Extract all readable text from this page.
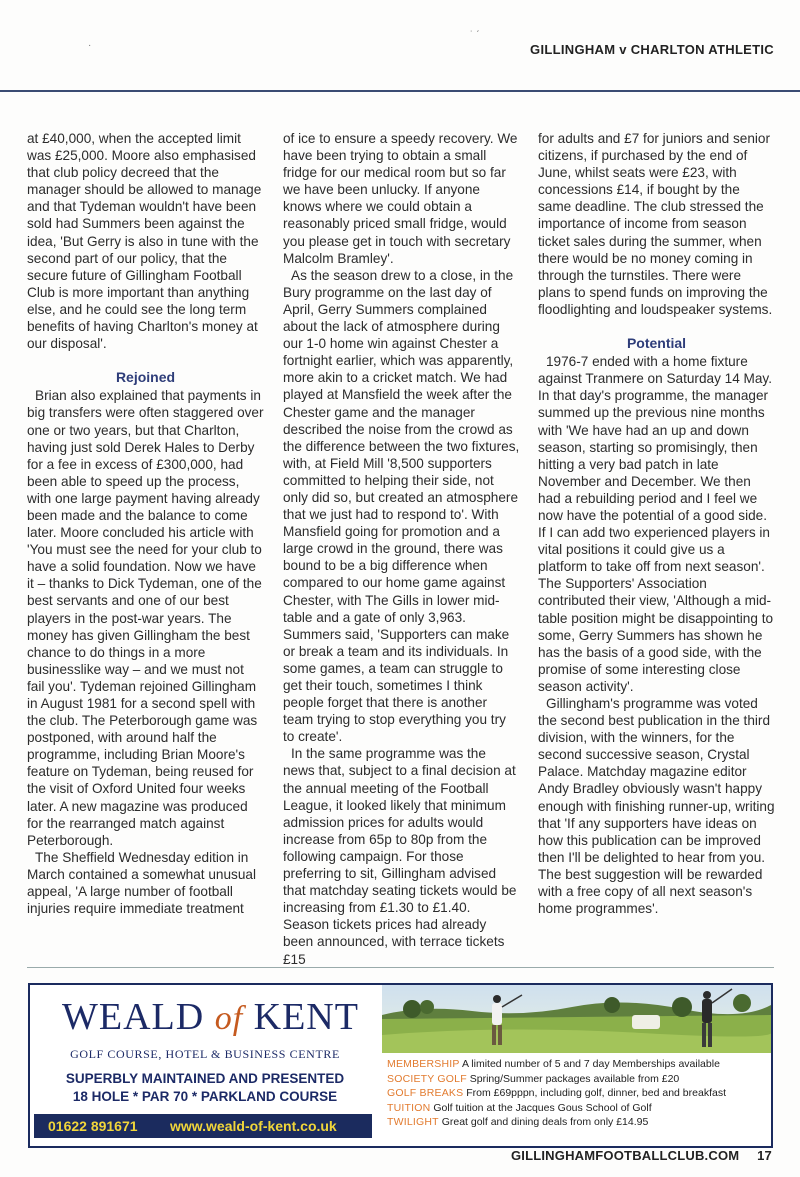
GILLINGHAM v CHARLTON ATHLETIC
·
˙ ˊ

at £40,000, when the accepted limit was £25,000. Moore also emphasised that club policy decreed that the manager should be allowed to manage and that Tydeman wouldn't have been sold had Summers been against the idea, 'But Gerry is also in tune with the second part of our policy, that the secure future of Gillingham Football Club is more important than anything else, and he could see the long term benefits of having Charlton's money at our disposal'.

Rejoined

Brian also explained that payments in big transfers were often staggered over one or two years, but that Charlton, having just sold Derek Hales to Derby for a fee in excess of £300,000, had been able to speed up the process, with one large payment having already been made and the balance to come later. Moore concluded his article with 'You must see the need for your club to have a solid foundation. Now we have it – thanks to Dick Tydeman, one of the best servants and one of our best players in the post-war years. The money has given Gillingham the best chance to do things in a more businesslike way – and we must not fail you'. Tydeman rejoined Gillingham in August 1981 for a second spell with the club. The Peterborough game was postponed, with around half the programme, including Brian Moore's feature on Tydeman, being reused for the visit of Oxford United four weeks later. A new magazine was produced for the rearranged match against Peterborough.

The Sheffield Wednesday edition in March contained a somewhat unusual appeal, 'A large number of football injuries require immediate treatment

of ice to ensure a speedy recovery. We have been trying to obtain a small fridge for our medical room but so far we have been unlucky. If anyone knows where we could obtain a reasonably priced small fridge, would you please get in touch with secretary Malcolm Bramley'.

As the season drew to a close, in the Bury programme on the last day of April, Gerry Summers complained about the lack of atmosphere during our 1-0 home win against Chester a fortnight earlier, which was apparently, more akin to a cricket match. We had played at Mansfield the week after the Chester game and the manager described the noise from the crowd as the difference between the two fixtures, with, at Field Mill '8,500 supporters committed to helping their side, not only did so, but created an atmosphere that we just had to respond to'. With Mansfield going for promotion and a large crowd in the ground, there was bound to be a big difference when compared to our home game against Chester, with The Gills in lower mid-table and a gate of only 3,963. Summers said, 'Supporters can make or break a team and its individuals. In some games, a team can struggle to get their touch, sometimes I think people forget that there is another team trying to stop everything you try to create'.

In the same programme was the news that, subject to a final decision at the annual meeting of the Football League, it looked likely that minimum admission prices for adults would increase from 65p to 80p from the following campaign. For those preferring to sit, Gillingham advised that matchday seating tickets would be increasing from £1.30 to £1.40. Season tickets prices had already been announced, with terrace tickets £15

for adults and £7 for juniors and senior citizens, if purchased by the end of June, whilst seats were £23, with concessions £14, if bought by the same deadline. The club stressed the importance of income from season ticket sales during the summer, when there would be no money coming in through the turnstiles. There were plans to spend funds on improving the floodlighting and loudspeaker systems.

Potential

1976-7 ended with a home fixture against Tranmere on Saturday 14 May. In that day's programme, the manager summed up the previous nine months with 'We have had an up and down season, starting so promisingly, then hitting a very bad patch in late November and December. We then had a rebuilding period and I feel we now have the potential of a good side. If I can add two experienced players in vital positions it could give us a platform to take off from next season'. The Supporters' Association contributed their view, 'Although a mid-table position might be disappointing to some, Gerry Summers has shown he has the basis of a good side, with the promise of some interesting close season activity'.

Gillingham's programme was voted the second best publication in the third division, with the winners, for the second successive season, Crystal Palace. Matchday magazine editor Andy Bradley obviously wasn't happy enough with finishing runner-up, writing that 'If any supporters have ideas on how this publication can be improved then I'll be delighted to hear from you. The best suggestion will be rewarded with a free copy of all next season's home programmes'.

WEALD of KENT
GOLF COURSE, HOTEL & BUSINESS CENTRE
SUPERBLY MAINTAINED AND PRESENTED
18 HOLE * PAR 70 * PARKLAND COURSE
01622 891671 www.weald-of-kent.co.uk
MEMBERSHIP A limited number of 5 and 7 day Memberships available
SOCIETY GOLF Spring/Summer packages available from £20
GOLF BREAKS From £69pppn, including golf, dinner, bed and breakfast
TUITION Golf tuition at the Jacques Gous School of Golf
TWILIGHT Great golf and dining deals from only £14.95
GILLINGHAMFOOTBALLCLUB.COM 17
